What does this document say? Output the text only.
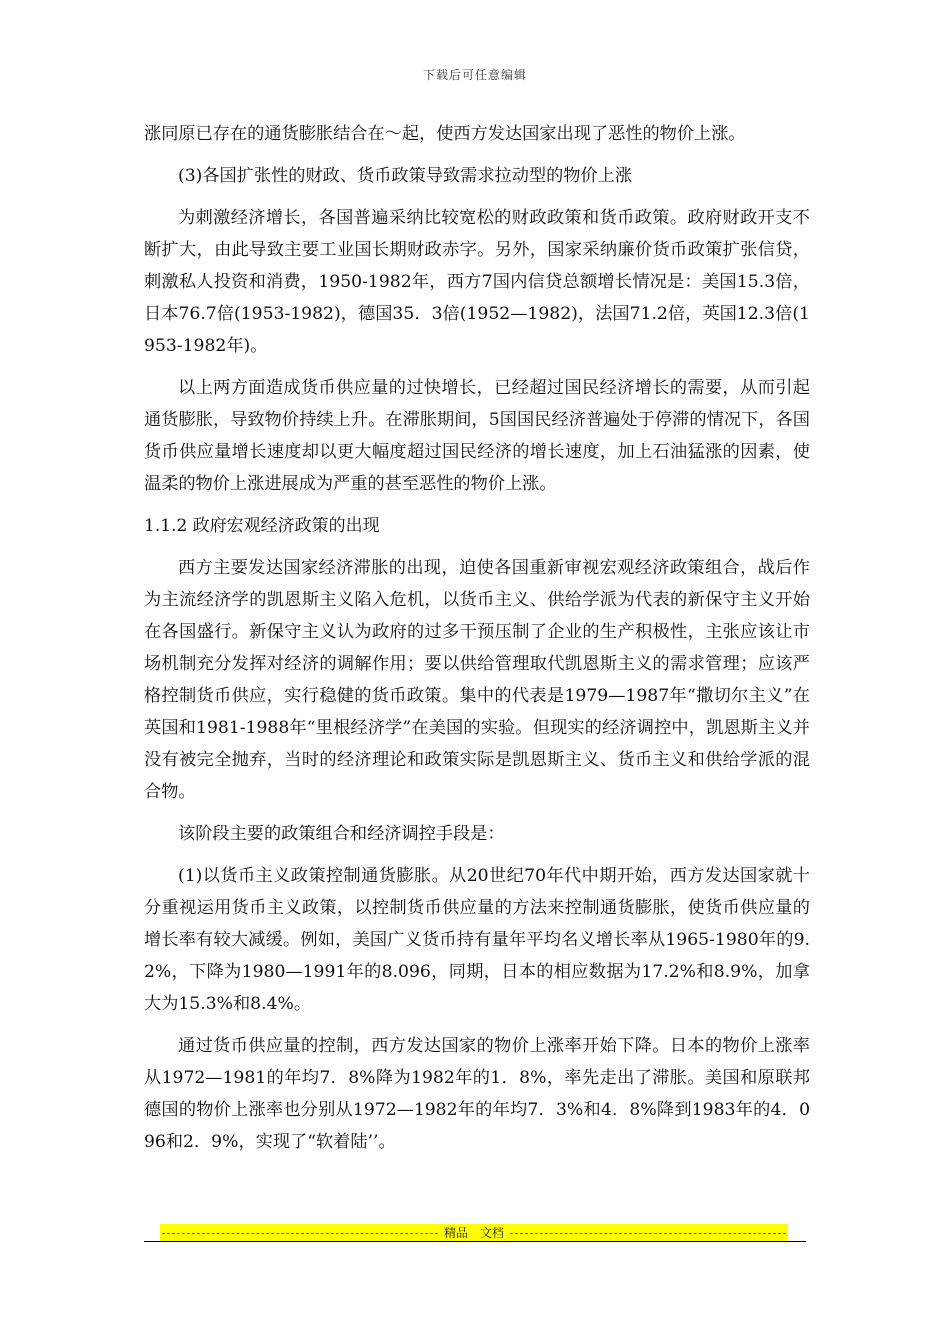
下载后可任意编辑

涨同原已存在的通货膨胀结合在～起，使西方发达国家出现了恶性的物价上涨。

(3)各国扩张性的财政、货币政策导致需求拉动型的物价上涨

为刺激经济增长，各国普遍采纳比较宽松的财政政策和货币政策。政府财政开支不断扩大，由此导致主要工业国长期财政赤字。另外，国家采纳廉价货币政策扩张信贷，刺激私人投资和消费，1950-1982年，西方7国内信贷总额增长情况是：美国15.3倍，日本76.7倍(1953-1982)，德国35．3倍(1952—1982)，法国71.2倍，英国12.3倍(1953-1982年)。

以上两方面造成货币供应量的过快增长，已经超过国民经济增长的需要，从而引起通货膨胀，导致物价持续上升。在滞胀期间，5国国民经济普遍处于停滞的情况下，各国货币供应量增长速度却以更大幅度超过国民经济的增长速度，加上石油猛涨的因素，使温柔的物价上涨进展成为严重的甚至恶性的物价上涨。

1.1.2 政府宏观经济政策的出现

西方主要发达国家经济滞胀的出现，迫使各国重新审视宏观经济政策组合，战后作为主流经济学的凯恩斯主义陷入危机，以货币主义、供给学派为代表的新保守主义开始在各国盛行。新保守主义认为政府的过多干预压制了企业的生产积极性，主张应该让市场机制充分发挥对经济的调解作用；要以供给管理取代凯恩斯主义的需求管理；应该严格控制货币供应，实行稳健的货币政策。集中的代表是1979—1987年“撒切尔主义”在英国和1981-1988年“里根经济学”在美国的实验。但现实的经济调控中，凯恩斯主义并没有被完全抛弃，当时的经济理论和政策实际是凯恩斯主义、货币主义和供给学派的混合物。

该阶段主要的政策组合和经济调控手段是：

(1)以货币主义政策控制通货膨胀。从20世纪70年代中期开始，西方发达国家就十分重视运用货币主义政策，以控制货币供应量的方法来控制通货膨胀，使货币供应量的增长率有较大减缓。例如，美国广义货币持有量年平均名义增长率从1965-1980年的9.2%，下降为1980—1991年的8.096，同期，日本的相应数据为17.2%和8.9%，加拿大为15.3%和8.4%。

通过货币供应量的控制，西方发达国家的物价上涨率开始下降。日本的物价上涨率从1972—1981的年均7．8%降为1982年的1．8%，率先走出了滞胀。美国和原联邦德国的物价上涨率也分别从1972—1982年的年均7．3%和4．8%降到1983年的4．096和2．9%，实现了“软着陆’’。

精品　文档
